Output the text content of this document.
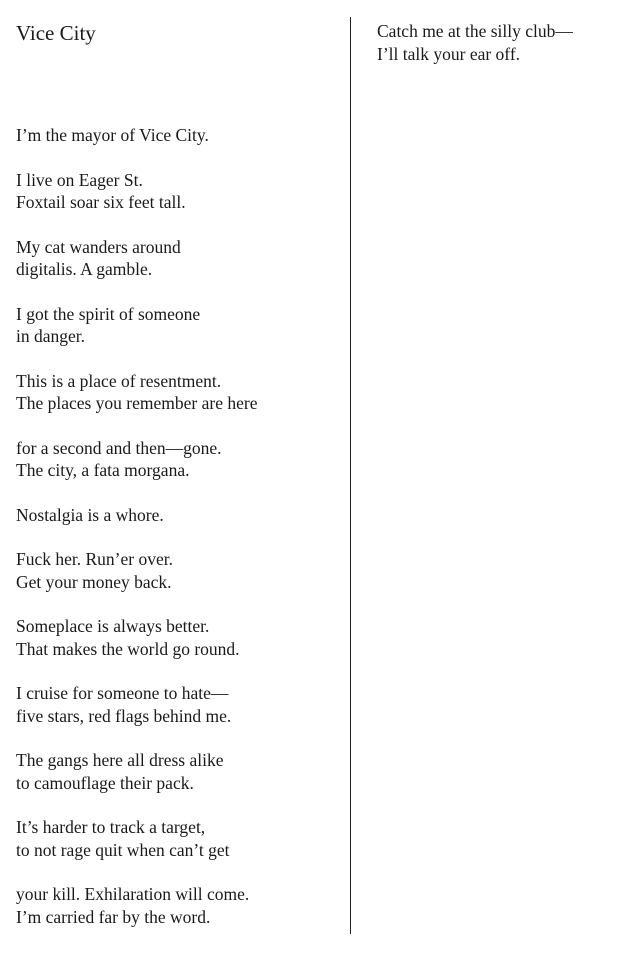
Vice City
I’m the mayor of Vice City.
I live on Eager St.
Foxtail soar six feet tall.
My cat wanders around
digitalis. A gamble.
I got the spirit of someone
in danger.
This is a place of resentment.
The places you remember are here
for a second and then—gone.
The city, a fata morgana.
Nostalgia is a whore.
Fuck her. Run’er over.
Get your money back.
Someplace is always better.
That makes the world go round.
I cruise for someone to hate—
five stars, red flags behind me.
The gangs here all dress alike
to camouflage their pack.
It’s harder to track a target,
to not rage quit when can’t get
your kill. Exhilaration will come.
I’m carried far by the word.
Catch me at the silly club—
I’ll talk your ear off.
